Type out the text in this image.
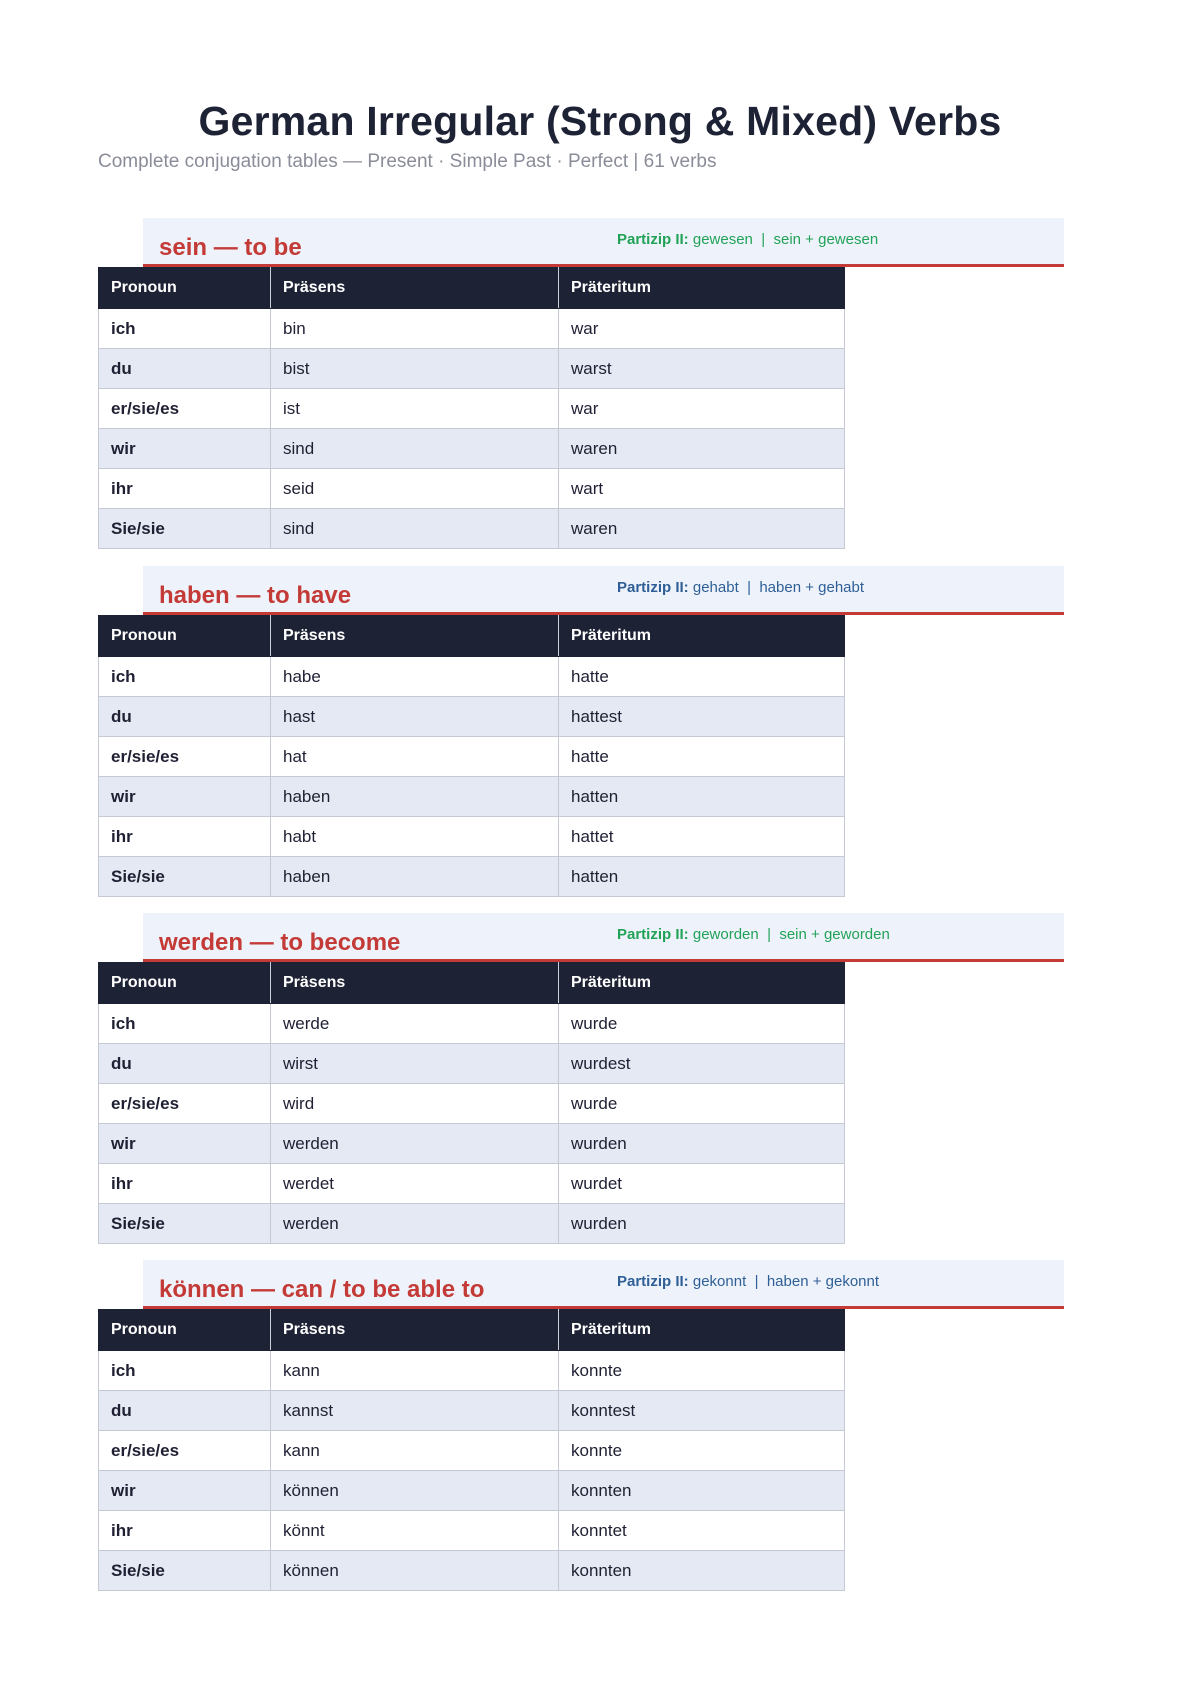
German Irregular (Strong & Mixed) Verbs
Complete conjugation tables — Present · Simple Past · Perfect | 61 verbs
sein — to be	Partizip II: gewesen | sein + gewesen
Pronoun	Präsens	Präteritum
ich	bin	war
du	bist	warst
er/sie/es	ist	war
wir	sind	waren
ihr	seid	wart
Sie/sie	sind	waren
haben — to have	Partizip II: gehabt | haben + gehabt
Pronoun	Präsens	Präteritum
ich	habe	hatte
du	hast	hattest
er/sie/es	hat	hatte
wir	haben	hatten
ihr	habt	hattet
Sie/sie	haben	hatten
werden — to become	Partizip II: geworden | sein + geworden
Pronoun	Präsens	Präteritum
ich	werde	wurde
du	wirst	wurdest
er/sie/es	wird	wurde
wir	werden	wurden
ihr	werdet	wurdet
Sie/sie	werden	wurden
können — can / to be able to	Partizip II: gekonnt | haben + gekonnt
Pronoun	Präsens	Präteritum
ich	kann	konnte
du	kannst	konntest
er/sie/es	kann	konnte
wir	können	konnten
ihr	könnt	konntet
Sie/sie	können	konnten
